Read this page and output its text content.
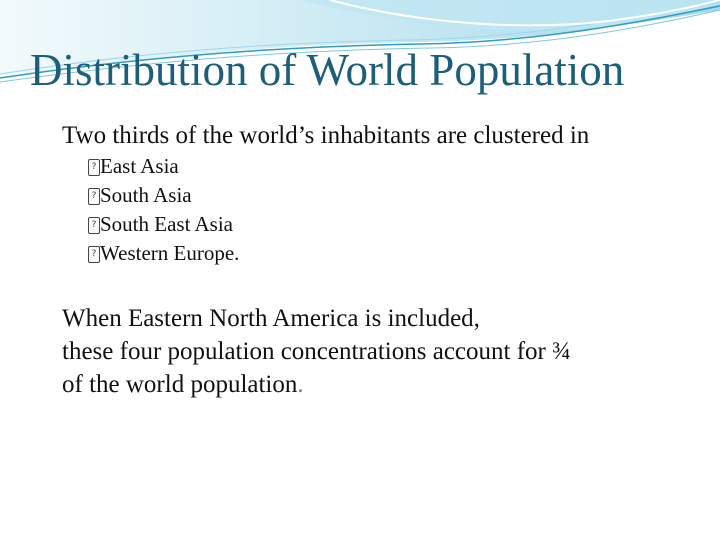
Distribution of World Population
Two thirds of the world’s inhabitants are clustered in
? East Asia
? South Asia
? South East Asia
? Western Europe.
When Eastern North America is included,
these four population concentrations account for ¾
of the world population.
